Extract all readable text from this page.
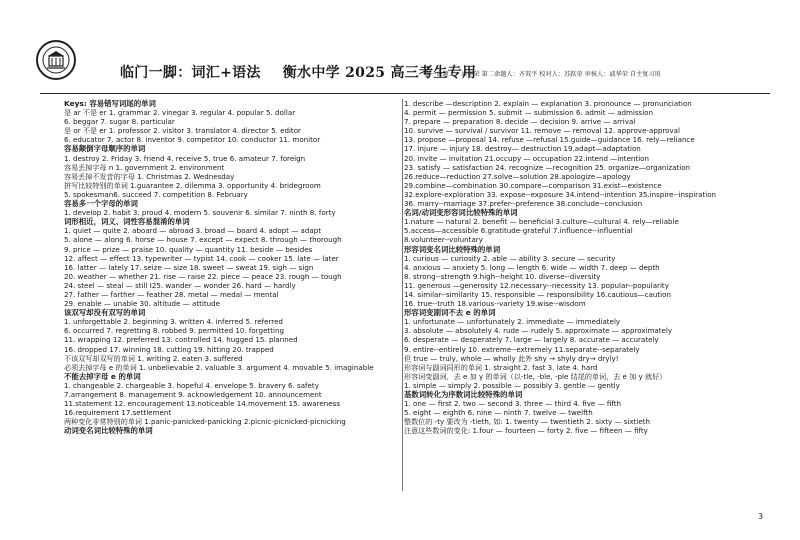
临门一脚：词汇+语法 衡水中学 2025 高三考生专用
第一命题人：戚华荣 第二命题人：齐双平 校对人：苏跃荣 审核人：戚华荣 自主复习用
Keys: 容易错写词尾的单词
是 ar 不是 er 1. grammar 2. vinegar 3. regular 4. popular 5. dollar
6. beggar 7. sugar 8. particular
是 or 不是 er 1. professor 2. visitor 3. translator 4. director 5. editor
6. educator 7. actor 8. inventor 9. competitor 10. conductor 11. monitor
容易颠倒字母顺序的单词
1. destroy 2. Friday 3. friend 4. receive 5. true 6. amateur 7. foreign
容易丢掉字母 n 1. government 2. environment
容易丢掉不发音的字母 1. Christmas 2. Wednesday
拼写比较特别的单词 1.guarantee 2. dilemma 3. opportunity 4. bridegroom
5. spokesman6. succeed 7. competition 8. February
容易多一个字母的单词
1. develop 2. habit 3. proud 4. modern 5. souvenir 6. similar 7. ninth 8. forty
词形相近，词义、词性容易混淆的单词
1. quiet — quite 2. aboard — abroad 3. broad — board 4. adopt — adapt
5. alone — along 6. horse — house 7. except — expect 8. through — thorough
9. price — prize — praise 10. quality — quantity 11. beside — besides
12. affect — effect 13. typewriter — typist 14. cook — cooker 15. late — later
16. latter — lately 17. seize — size 18. sweet — sweat 19. sigh — sign
20. weather — whether 21. rise — raise 22. piece — peace 23. rough — tough
24. steel — steal — still I25. wander — wonder 26. hard — hardly
27. father — farther — feather 28. metal — medal — mental
29. enable — unable 30. altitude — attitude
该双写却没有双写的单词
1. unforgettable 2. beginning 3. written 4. inferred 5. referred
6. occurred 7. regretting 8. robbed 9. permitted 10. forgetting
11. wrapping 12. preferred 13. controlled 14. hugged 15. planned
16. dropped 17. winning 18. cutting 19. hitting 20. trapped
不该双写却双写的单词 1. writing 2. eaten 3. suffered
必须去掉字母 e 的单词 1. unbelievable 2. valuable 3. argument 4. movable 5. imaginable
不能去掉字母 e 的单词
1. changeable 2. chargeable 3. hopeful 4. envelope 5. bravery 6. safety
7.arrangement 8. management 9. acknowledgement 10. announcement
11.statement 12. encouragement 13.noticeable 14.movement 15. awareness
16.requirement 17.settlement
两种变化非常特别的单词 1.panic-panicked-panicking 2.picnic-picnicked-picnicking
动词变名词比较特殊的单词
1. describe —description 2. explain — explanation 3. pronounce — pronunciation
4. permit — permission 5. submit — submission 6. admit — admission
7. prepare — preparation 8. decide — decision 9. arrive — arrival
10. survive — survival / survivor 11. remove — removal 12. approve-approval
13. propose —proposal 14. refuse —refusal 15.guide—guidance 16. rely—reliance
17. injure — injury 18. destroy— destruction 19.adapt—adaptation
20. invite — invitation 21.occupy — occupation 22.intend —intention
23. satisfy — satisfaction 24. recognize —recognition 25. organize—organization
26.reduce—reduction 27.solve—solution 28.apologize—apology
29.combine—combination 30.compare—comparison 31.exist—existence
32.explore-exploration 33. expose--exposure 34.intend--intention 35.inspire--inspiration
36. marry--marriage 37.prefer--preference 38.conclude--conclusion
名词/动词变形容词比较特殊的单词
1.nature — natural 2. benefit — beneficial 3.culture—cultural 4. rely—reliable
5.access—accessible 6.gratitude-grateful 7.influence--influential
8.volunteer--voluntary
形容词变名词比较特殊的单词
1. curious — curiosity 2. able — ability 3. secure — security
4. anxious — anxiety 5. long — length 6. wide — width 7. deep — depth
8. strong--strength 9.high--height 10. diverse--diversity
11. generous —generosity 12.necessary--necessity 13. popular--popularity
14. similar--similarity 15. responsible — responsibility 16.cautious—caution
16. true--truth 18.various--variety 19.wise--wisdom
形容词变副词不去 e 的单词
1. unfortunate — unfortunately 2. immediate — immediately
3. absolute — absolutely 4. rude — rudely 5. approximate — approximately
6. desperate — desperately 7. large — largely 8. accurate — accurately
9. entire--entirely 10. extreme--extremely 11.separate--separately
但 true — truly, whole — wholly 此外 shy → shyly dry→ dryly!
形容词与副词同形的单词 1. straight 2. fast 3. late 4. hard
形容词变副词，去 e 加 y 的单词（以-tle, -ble, -ple 结尾的单词，去 e 加 y 就好）
1. simple — simply 2. possible — possibly 3. gentle — gently
基数词转化为序数词比较特殊的单词
1. one — first 2. two — second 3. three — third 4. five — fifth
5. eight — eighth 6. nine — ninth 7. twelve — twelfth
整数位的 -ty 要改为 -tieth, 如: 1. twenty — twentieth 2. sixty — sixtieth
注意这些数词的变化: 1.four — fourteen — forty 2. five — fifteen — fifty
3
